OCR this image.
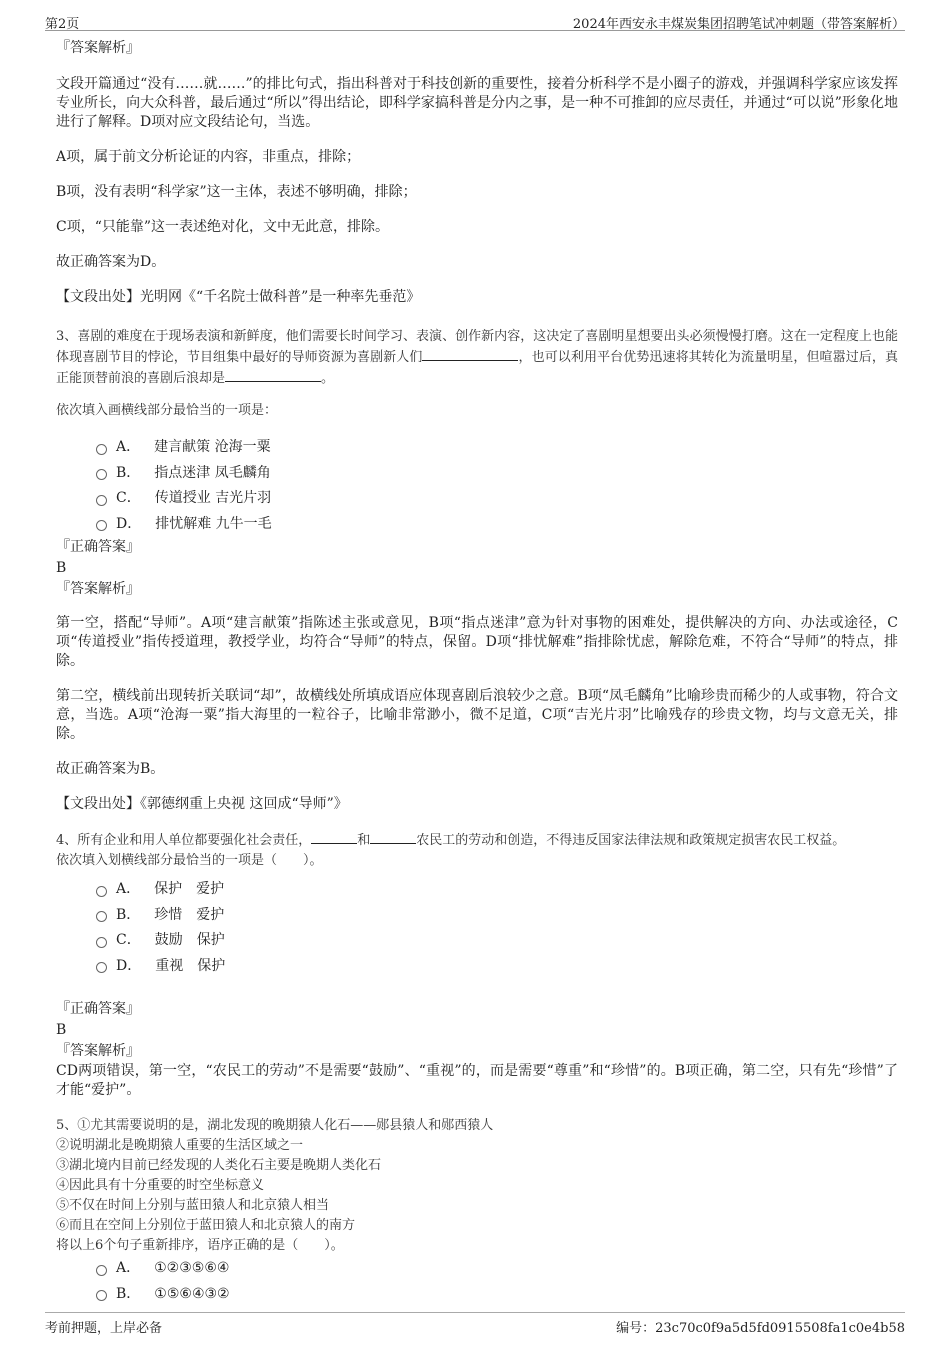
第2页	2024年西安永丰煤炭集团招聘笔试冲刺题（带答案解析）

『答案解析』

文段开篇通过“没有……就……”的排比句式，指出科普对于科技创新的重要性，接着分析科学不是小圈子的游戏，并强调科学家应该发挥专业所长，向大众科普，最后通过“所以”得出结论，即科学家搞科普是分内之事，是一种不可推卸的应尽责任，并通过“可以说”形象化地进行了解释。D项对应文段结论句，当选。

A项，属于前文分析论证的内容，非重点，排除；

B项，没有表明“科学家”这一主体，表述不够明确，排除；

C项，“只能靠”这一表述绝对化，文中无此意，排除。

故正确答案为D。

【文段出处】光明网《“千名院士做科普”是一种率先垂范》

3、喜剧的难度在于现场表演和新鲜度，他们需要长时间学习、表演、创作新内容，这决定了喜剧明星想要出头必须慢慢打磨。这在一定程度上也能体现喜剧节目的悖论，节目组集中最好的导师资源为喜剧新人们	，也可以利用平台优势迅速将其转化为流量明星，但喧嚣过后，真正能顶替前浪的喜剧后浪却是	。

依次填入画横线部分最恰当的一项是：

A． 建言献策 沧海一粟
B． 指点迷津 凤毛麟角
C． 传道授业 吉光片羽
D． 排忧解难 九牛一毛

『正确答案』

B

『答案解析』

第一空，搭配“导师”。A项“建言献策”指陈述主张或意见，B项“指点迷津”意为针对事物的困难处，提供解决的方向、办法或途径，C项“传道授业”指传授道理，教授学业，均符合“导师”的特点，保留。D项“排忧解难”指排除忧虑，解除危难，不符合“导师”的特点，排除。

第二空，横线前出现转折关联词“却”，故横线处所填成语应体现喜剧后浪较少之意。B项“凤毛麟角”比喻珍贵而稀少的人或事物，符合文意，当选。A项“沧海一粟”指大海里的一粒谷子，比喻非常渺小，微不足道，C项“吉光片羽”比喻残存的珍贵文物，均与文意无关，排除。

故正确答案为B。

【文段出处】《郭德纲重上央视 这回成“导师”》

4、所有企业和用人单位都要强化社会责任，	和	农民工的劳动和创造，不得违反国家法律法规和政策规定损害农民工权益。

依次填入划横线部分最恰当的一项是（　　）。

A． 保护　爱护
B． 珍惜　爱护
C． 鼓励　保护
D． 重视　保护

『正确答案』

B

『答案解析』

CD两项错误，第一空，“农民工的劳动”不是需要“鼓励”、“重视”的，而是需要“尊重”和“珍惜”的。B项正确，第二空，只有先“珍惜”了才能“爱护”。

5、①尤其需要说明的是，湖北发现的晚期猿人化石——郧县猿人和郧西猿人

②说明湖北是晚期猿人重要的生活区域之一

③湖北境内目前已经发现的人类化石主要是晚期人类化石

④因此具有十分重要的时空坐标意义

⑤不仅在时间上分别与蓝田猿人和北京猿人相当

⑥而且在空间上分别位于蓝田猿人和北京猿人的南方

将以上6个句子重新排序，语序正确的是（　　）。

A． ①②③⑤⑥④
B． ①⑤⑥④③②
考前押题，上岸必备	编号：23c70c0f9a5d5fd0915508fa1c0e4b58
